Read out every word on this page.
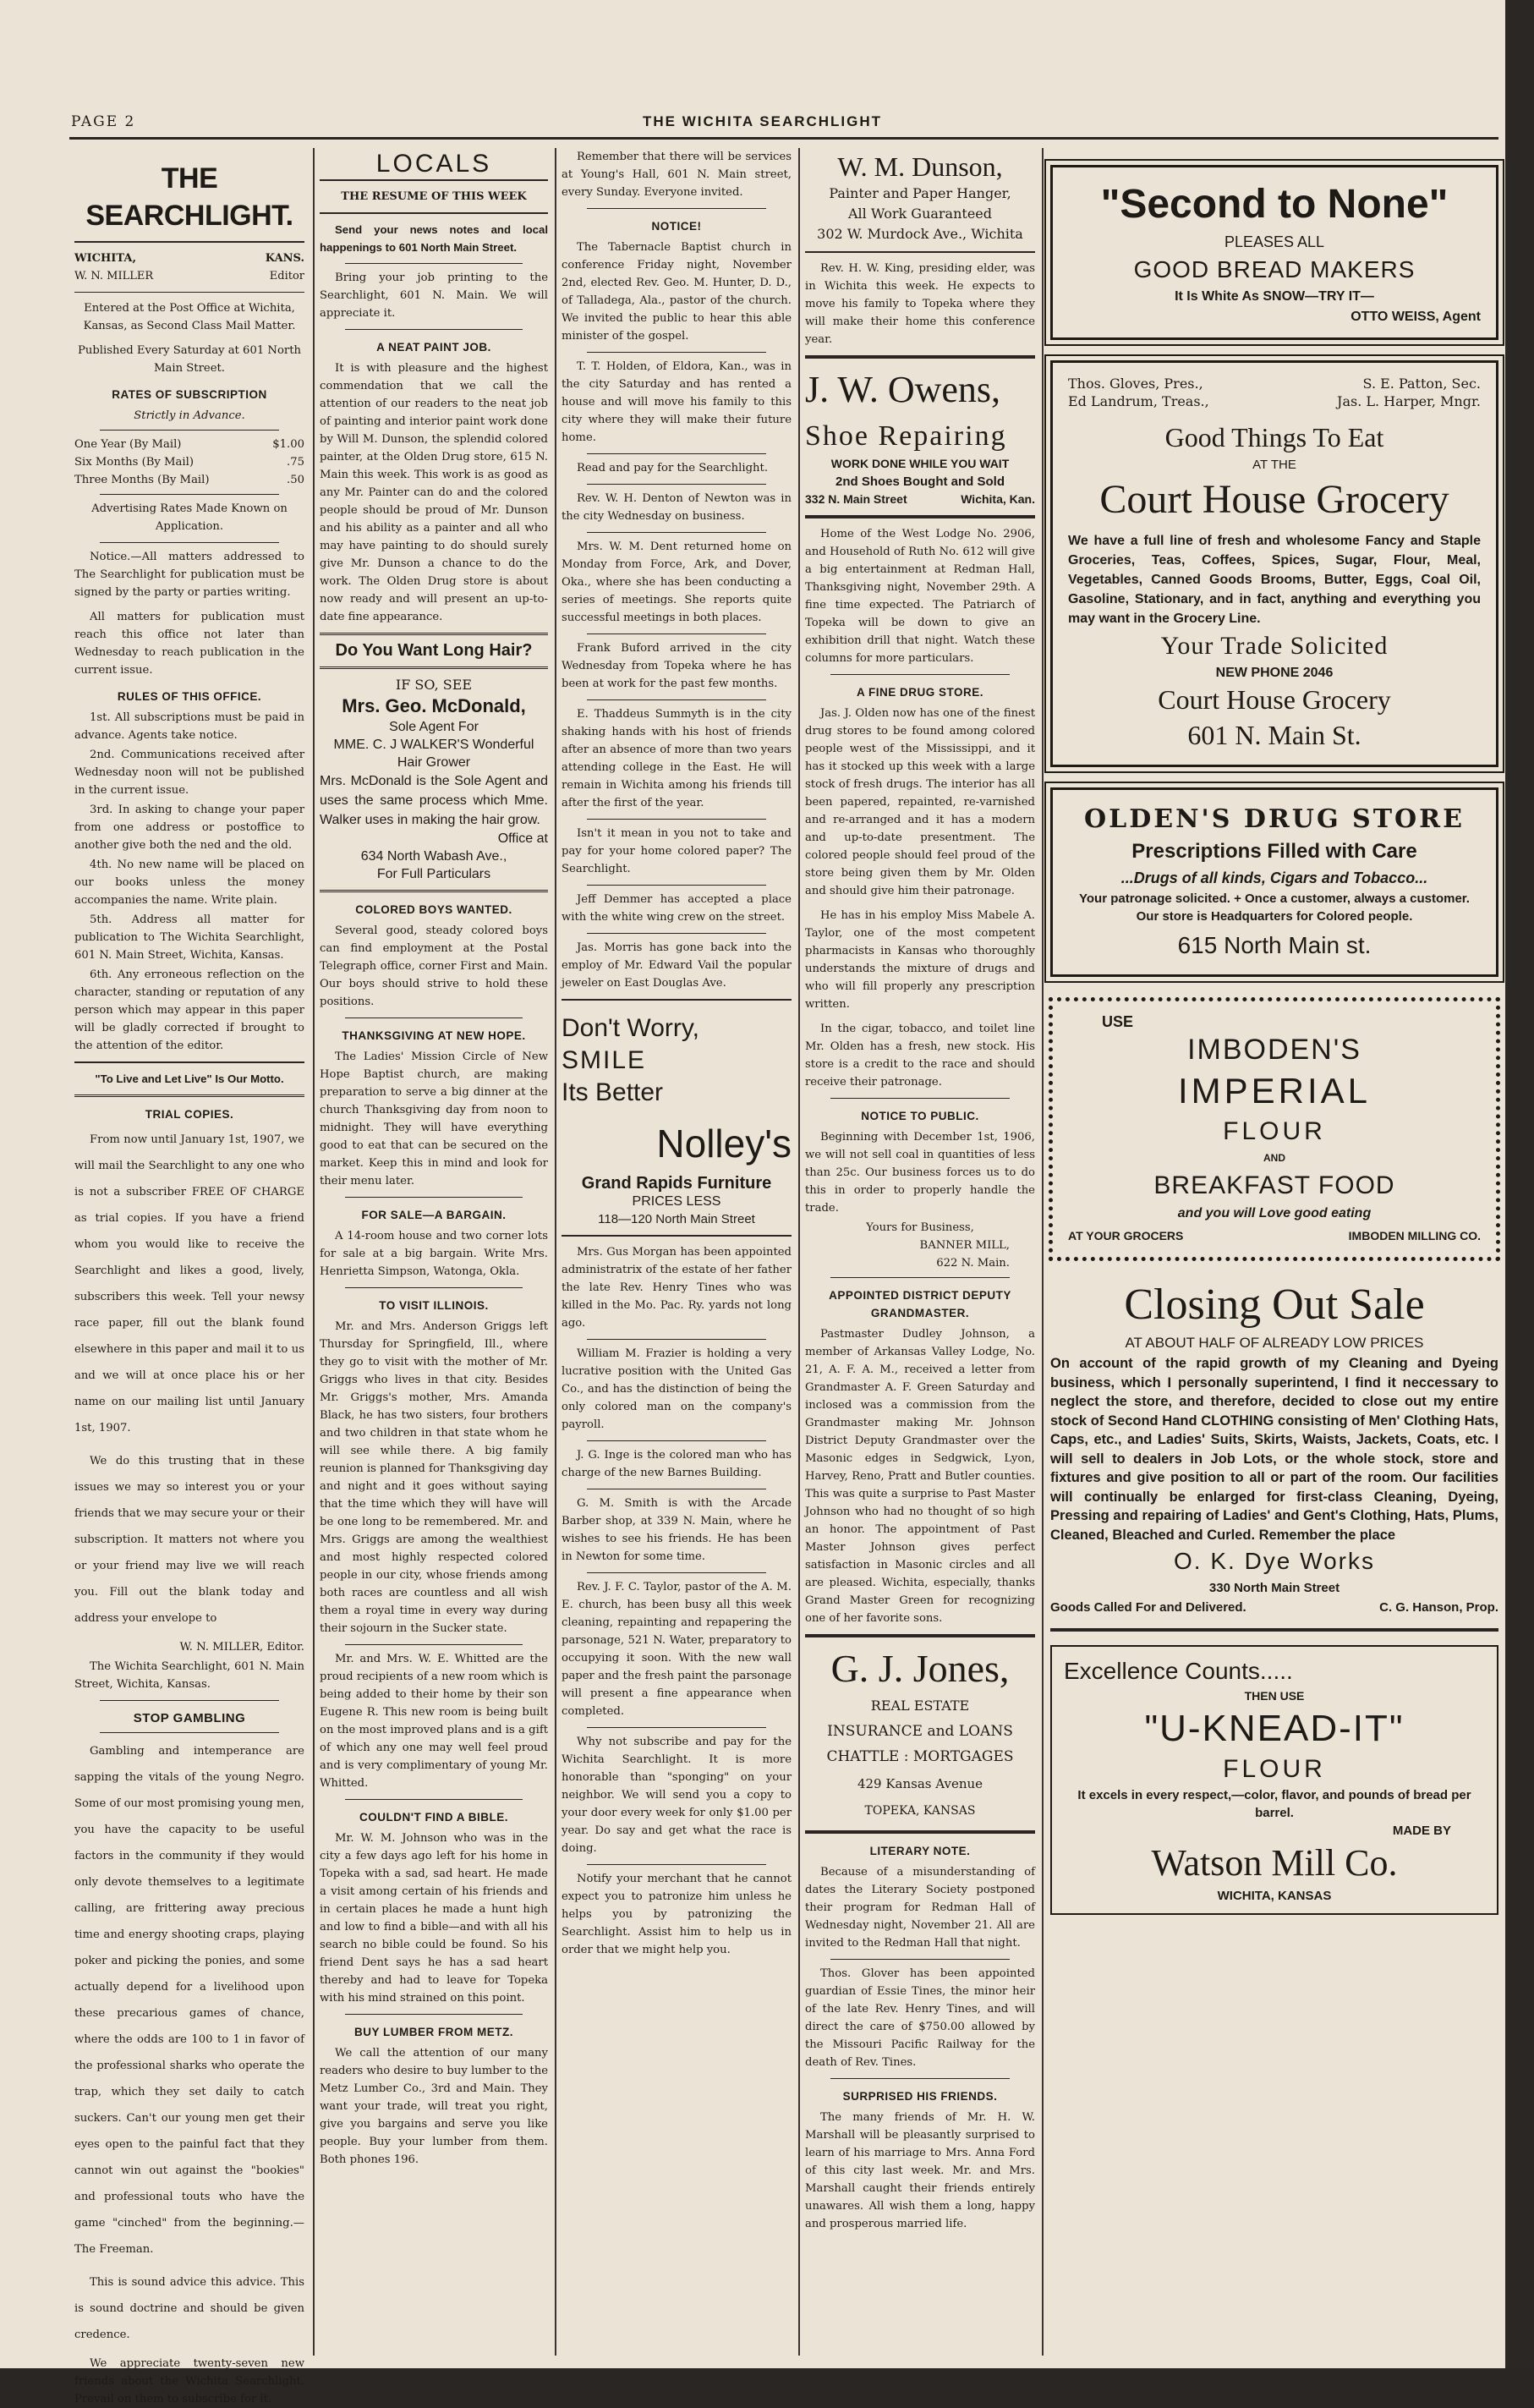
PAGE 2	THE WICHITA SEARCHLIGHT
THE SEARCHLIGHT.
WICHITA,	KANS.
W. N. MILLER	Editor

Entered at the Post Office at Wichita, Kansas, as Second Class Mail Matter.

Published Every Saturday at 601 North Main Street.

RATES OF SUBSCRIPTION
Strictly in Advance.
One Year (By Mail)	$1.00
Six Months (By Mail)	.75
Three Months (By Mail)	.50

Advertising Rates Made Known on Application.

Notice.—All matters addressed to The Searchlight for publication must be signed by the party or parties writing.

All matters for publication must reach this office not later than Wednesday to reach publication in the current issue.

RULES OF THIS OFFICE.

1st. All subscriptions must be paid in advance. Agents take notice.

2nd. Communications received after Wednesday noon will not be published in the current issue.

3rd. In asking to change your paper from one address or postoffice to another give both the ned and the old.

4th. No new name will be placed on our books unless the money accompanies the name. Write plain.

5th. Address all matter for publication to The Wichita Searchlight, 601 N. Main Street, Wichita, Kansas.

6th. Any erroneous reflection on the character, standing or reputation of any person which may appear in this paper will be gladly corrected if brought to the attention of the editor.

"To Live and Let Live" Is Our Motto.
TRIAL COPIES.

From now until January 1st, 1907, we will mail the Searchlight to any one who is not a subscriber FREE OF CHARGE as trial copies. If you have a friend whom you would like to receive the Searchlight and likes a good, lively, subscribers this week. Tell your newsy race paper, fill out the blank found elsewhere in this paper and mail it to us and we will at once place his or her name on our mailing list until January 1st, 1907.

We do this trusting that in these issues we may so interest you or your friends that we may secure your or their subscription. It matters not where you or your friend may live we will reach you. Fill out the blank today and address your envelope to

W. N. MILLER, Editor.

The Wichita Searchlight, 601 N. Main Street, Wichita, Kansas.

STOP GAMBLING

Gambling and intemperance are sapping the vitals of the young Negro. Some of our most promising young men, you have the capacity to be useful factors in the community if they would only devote themselves to a legitimate calling, are frittering away precious time and energy shooting craps, playing poker and picking the ponies, and some actually depend for a livelihood upon these precarious games of chance, where the odds are 100 to 1 in favor of the professional sharks who operate the trap, which they set daily to catch suckers. Can't our young men get their eyes open to the painful fact that they cannot win out against the "bookies" and professional touts who have the game "cinched" from the beginning.—The Freeman.

This is sound advice this advice. This is sound doctrine and should be given credence.

We appreciate twenty-seven new friends about the Wichita Searchlight. Prevail on them to subscribe for it.

LOCALS
THE RESUME OF THIS WEEK

Send your news notes and local happenings to 601 North Main Street.

Bring your job printing to the Searchlight, 601 N. Main. We will appreciate it.

A NEAT PAINT JOB.

It is with pleasure and the highest commendation that we call the attention of our readers to the neat job of painting and interior paint work done by Will M. Dunson, the splendid colored painter, at the Olden Drug store, 615 N. Main this week. This work is as good as any Mr. Painter can do and the colored people should be proud of Mr. Dunson and his ability as a painter and all who may have painting to do should surely give Mr. Dunson a chance to do the work. The Olden Drug store is about now ready and will present an up-to-date fine appearance.

Do You Want Long Hair?
IF SO, SEE
Mrs. Geo. McDonald,
Sole Agent For
MME. C. J WALKER'S Wonderful Hair Grower
Mrs. McDonald is the Sole Agent and uses the same process which Mme. Walker uses in making the hair grow.
Office at
634 North Wabash Ave.,
For Full Particulars
COLORED BOYS WANTED.

Several good, steady colored boys can find employment at the Postal Telegraph office, corner First and Main. Our boys should strive to hold these positions.

THANKSGIVING AT NEW HOPE.

The Ladies' Mission Circle of New Hope Baptist church, are making preparation to serve a big dinner at the church Thanksgiving day from noon to midnight. They will have everything good to eat that can be secured on the market. Keep this in mind and look for their menu later.

FOR SALE—A BARGAIN.

A 14-room house and two corner lots for sale at a big bargain. Write Mrs. Henrietta Simpson, Watonga, Okla.

TO VISIT ILLINOIS.

Mr. and Mrs. Anderson Griggs left Thursday for Springfield, Ill., where they go to visit with the mother of Mr. Griggs who lives in that city. Besides Mr. Griggs's mother, Mrs. Amanda Black, he has two sisters, four brothers and two children in that state whom he will see while there. A big family reunion is planned for Thanksgiving day and night and it goes without saying that the time which they will have will be one long to be remembered. Mr. and Mrs. Griggs are among the wealthiest and most highly respected colored people in our city, whose friends among both races are countless and all wish them a royal time in every way during their sojourn in the Sucker state.

Mr. and Mrs. W. E. Whitted are the proud recipients of a new room which is being added to their home by their son Eugene R. This new room is being built on the most improved plans and is a gift of which any one may well feel proud and is very complimentary of young Mr. Whitted.

COULDN'T FIND A BIBLE.

Mr. W. M. Johnson who was in the city a few days ago left for his home in Topeka with a sad, sad heart. He made a visit among certain of his friends and in certain places he made a hunt high and low to find a bible—and with all his search no bible could be found. So his friend Dent says he has a sad heart thereby and had to leave for Topeka with his mind strained on this point.

BUY LUMBER FROM METZ.

We call the attention of our many readers who desire to buy lumber to the Metz Lumber Co., 3rd and Main. They want your trade, will treat you right, give you bargains and serve you like people. Buy your lumber from them. Both phones 196.

Remember that there will be services at Young's Hall, 601 N. Main street, every Sunday. Everyone invited.

NOTICE!

The Tabernacle Baptist church in conference Friday night, November 2nd, elected Rev. Geo. M. Hunter, D. D., of Talladega, Ala., pastor of the church. We invited the public to hear this able minister of the gospel.

T. T. Holden, of Eldora, Kan., was in the city Saturday and has rented a house and will move his family to this city where they will make their future home.

Read and pay for the Searchlight.

Rev. W. H. Denton of Newton was in the city Wednesday on business.

Mrs. W. M. Dent returned home on Monday from Force, Ark, and Dover, Oka., where she has been conducting a series of meetings. She reports quite successful meetings in both places.

Frank Buford arrived in the city Wednesday from Topeka where he has been at work for the past few months.

E. Thaddeus Summyth is in the city shaking hands with his host of friends after an absence of more than two years attending college in the East. He will remain in Wichita among his friends till after the first of the year.

Isn't it mean in you not to take and pay for your home colored paper? The Searchlight.

Jeff Demmer has accepted a place with the white wing crew on the street.

Jas. Morris has gone back into the employ of Mr. Edward Vail the popular jeweler on East Douglas Ave.

Don't Worry,
SMILE
Its Better
Nolley's
Grand Rapids Furniture
PRICES LESS
118—120 North Main Street

Mrs. Gus Morgan has been appointed administratrix of the estate of her father the late Rev. Henry Tines who was killed in the Mo. Pac. Ry. yards not long ago.

William M. Frazier is holding a very lucrative position with the United Gas Co., and has the distinction of being the only colored man on the company's payroll.

J. G. Inge is the colored man who has charge of the new Barnes Building.

G. M. Smith is with the Arcade Barber shop, at 339 N. Main, where he wishes to see his friends. He has been in Newton for some time.

Rev. J. F. C. Taylor, pastor of the A. M. E. church, has been busy all this week cleaning, repainting and repapering the parsonage, 521 N. Water, preparatory to occupying it soon. With the new wall paper and the fresh paint the parsonage will present a fine appearance when completed.

Why not subscribe and pay for the Wichita Searchlight. It is more honorable than "sponging" on your neighbor. We will send you a copy to your door every week for only $1.00 per year. Do say and get what the race is doing.

Notify your merchant that he cannot expect you to patronize him unless he helps you by patronizing the Searchlight. Assist him to help us in order that we might help you.

W. M. Dunson,
Painter and Paper Hanger,
All Work Guaranteed
302 W. Murdock Ave., Wichita

Rev. H. W. King, presiding elder, was in Wichita this week. He expects to move his family to Topeka where they will make their home this conference year.

J. W. Owens,
Shoe Repairing
WORK DONE WHILE YOU WAIT
2nd Shoes Bought and Sold
332 N. Main Street	Wichita, Kan.

Home of the West Lodge No. 2906, and Household of Ruth No. 612 will give a big entertainment at Redman Hall, Thanksgiving night, November 29th. A fine time expected. The Patriarch of Topeka will be down to give an exhibition drill that night. Watch these columns for more particulars.

A FINE DRUG STORE.

Jas. J. Olden now has one of the finest drug stores to be found among colored people west of the Mississippi, and it has it stocked up this week with a large stock of fresh drugs. The interior has all been papered, repainted, re-varnished and re-arranged and it has a modern and up-to-date presentment. The colored people should feel proud of the store being given them by Mr. Olden and should give him their patronage.

He has in his employ Miss Mabele A. Taylor, one of the most competent pharmacists in Kansas who thoroughly understands the mixture of drugs and who will fill properly any prescription written.

In the cigar, tobacco, and toilet line Mr. Olden has a fresh, new stock. His store is a credit to the race and should receive their patronage.

NOTICE TO PUBLIC.

Beginning with December 1st, 1906, we will not sell coal in quantities of less than 25c. Our business forces us to do this in order to properly handle the trade.

Yours for Business,
BANNER MILL,
622 N. Main.
APPOINTED DISTRICT DEPUTY GRANDMASTER.

Pastmaster Dudley Johnson, a member of Arkansas Valley Lodge, No. 21, A. F. A. M., received a letter from Grandmaster A. F. Green Saturday and inclosed was a commission from the Grandmaster making Mr. Johnson District Deputy Grandmaster over the Masonic edges in Sedgwick, Lyon, Harvey, Reno, Pratt and Butler counties. This was quite a surprise to Past Master Johnson who had no thought of so high an honor. The appointment of Past Master Johnson gives perfect satisfaction in Masonic circles and all are pleased. Wichita, especially, thanks Grand Master Green for recognizing one of her favorite sons.

G. J. Jones,
REAL ESTATE
INSURANCE and LOANS
CHATTLE : MORTGAGES
429 Kansas Avenue
TOPEKA, KANSAS
LITERARY NOTE.

Because of a misunderstanding of dates the Literary Society postponed their program for Redman Hall of Wednesday night, November 21. All are invited to the Redman Hall that night.

Thos. Glover has been appointed guardian of Essie Tines, the minor heir of the late Rev. Henry Tines, and will direct the care of $750.00 allowed by the Missouri Pacific Railway for the death of Rev. Tines.

SURPRISED HIS FRIENDS.

The many friends of Mr. H. W. Marshall will be pleasantly surprised to learn of his marriage to Mrs. Anna Ford of this city last week. Mr. and Mrs. Marshall caught their friends entirely unawares. All wish them a long, happy and prosperous married life.

"Second to None"
PLEASES ALL
GOOD BREAD MAKERS
It Is White As SNOW—TRY IT—
OTTO WEISS, Agent
Thos. Gloves, Pres.,	S. E. Patton, Sec.
Ed Landrum, Treas.,	Jas. L. Harper, Mngr.
Good Things To Eat
AT THE
Court House Grocery
We have a full line of fresh and wholesome Fancy and Staple Groceries, Teas, Coffees, Spices, Sugar, Flour, Meal, Vegetables, Canned Goods Brooms, Butter, Eggs, Coal Oil, Gasoline, Stationary, and in fact, anything and everything you may want in the Grocery Line.
Your Trade Solicited
NEW PHONE 2046
Court House Grocery
601 N. Main St.
OLDEN'S DRUG STORE
Prescriptions Filled with Care
...Drugs of all kinds, Cigars and Tobacco...
Your patronage solicited. + Once a customer, always a customer. Our store is Headquarters for Colored people.
615 North Main st.
USE
IMBODEN'S
IMPERIAL
FLOUR
AND
BREAKFAST FOOD
and you will Love good eating
AT YOUR GROCERS	IMBODEN MILLING CO.
Closing Out Sale
AT ABOUT HALF OF ALREADY LOW PRICES
On account of the rapid growth of my Cleaning and Dyeing business, which I personally superintend, I find it neccessary to neglect the store, and therefore, decided to close out my entire stock of Second Hand CLOTHING consisting of Men' Clothing Hats, Caps, etc., and Ladies' Suits, Skirts, Waists, Jackets, Coats, etc. I will sell to dealers in Job Lots, or the whole stock, store and fixtures and give position to all or part of the room. Our facilities will continually be enlarged for first-class Cleaning, Dyeing, Pressing and repairing of Ladies' and Gent's Clothing, Hats, Plums, Cleaned, Bleached and Curled. Remember the place
O. K. Dye Works
330 North Main Street
Goods Called For and Delivered.	C. G. Hanson, Prop.
Excellence Counts.....
THEN USE
"U-KNEAD-IT"
FLOUR
It excels in every respect,—color, flavor, and pounds of bread per barrel.
MADE BY
Watson Mill Co.
WICHITA, KANSAS
